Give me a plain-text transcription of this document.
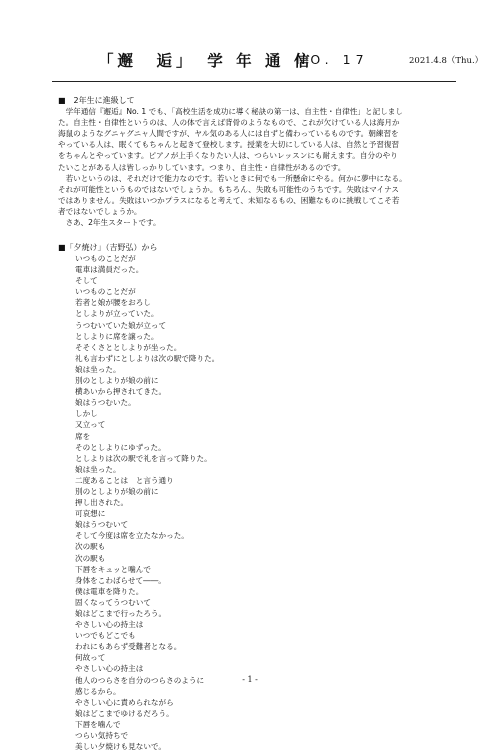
「邂　逅」　学 年 通 信
NO. 17	2021.4.8（Thu.）

■　2年生に進級して

　学年通信『邂逅』No. 1 でも、「高校生活を成功に導く秘訣の第一は、自主性・自律性」と記しまし

た。自主性・自律性というのは、人の体で言えば背骨のようなもので、これが欠けている人は海月か

海鼠のようなグニャグニャ人間ですが、ヤル気のある人には自ずと備わっているものです。朝練習を

やっている人は、眠くてもちゃんと起きて登校します。授業を大切にしている人は、自然と予習復習

をちゃんとやっています。ピアノが上手くなりたい人は、つらいレッスンにも耐えます。自分のやり

たいことがある人は皆しっかりしています。つまり、自主性・自律性があるのです。

　若いというのは、それだけで能力なのです。若いときに何でも一所懸命にやる。何かに夢中になる。

それが可能性というものではないでしょうか。もちろん、失敗も可能性のうちです。失敗はマイナス

ではありません。失敗はいつかプラスになると考えて、未知なるもの、困難なものに挑戦してこそ若

者ではないでしょうか。

　さあ、2年生スタートです。

■「夕焼け」（吉野弘）から

いつものことだが

電車は満員だった。

そして

いつものことだが

若者と娘が腰をおろし

としよりが立っていた。

うつむいていた娘が立って

としよりに席を譲った。

そそくさととしよりが坐った。

礼も言わずにとしよりは次の駅で降りた。

娘は坐った。

別のとしよりが娘の前に

横あいから押されてきた。

娘はうつむいた。

しかし

又立って

席を

そのとしよりにゆずった。

としよりは次の駅で礼を言って降りた。

娘は坐った。

二度あることは　と言う通り

別のとしよりが娘の前に

押し出された。

可哀想に

娘はうつむいて

そして今度は席を立たなかった。

次の駅も

次の駅も

下唇をキュッと噛んで

身体をこわばらせて――。

僕は電車を降りた。

固くなってうつむいて

娘はどこまで行ったろう。

やさしい心の持主は

いつでもどこでも

われにもあらず受難者となる。

何故って

やさしい心の持主は

他人のつらさを自分のつらさのように

感じるから。

やさしい心に責められながら

娘はどこまでゆけるだろう。

下唇を噛んで

つらい気持ちで

美しい夕焼けも見ないで。

- 1 -
